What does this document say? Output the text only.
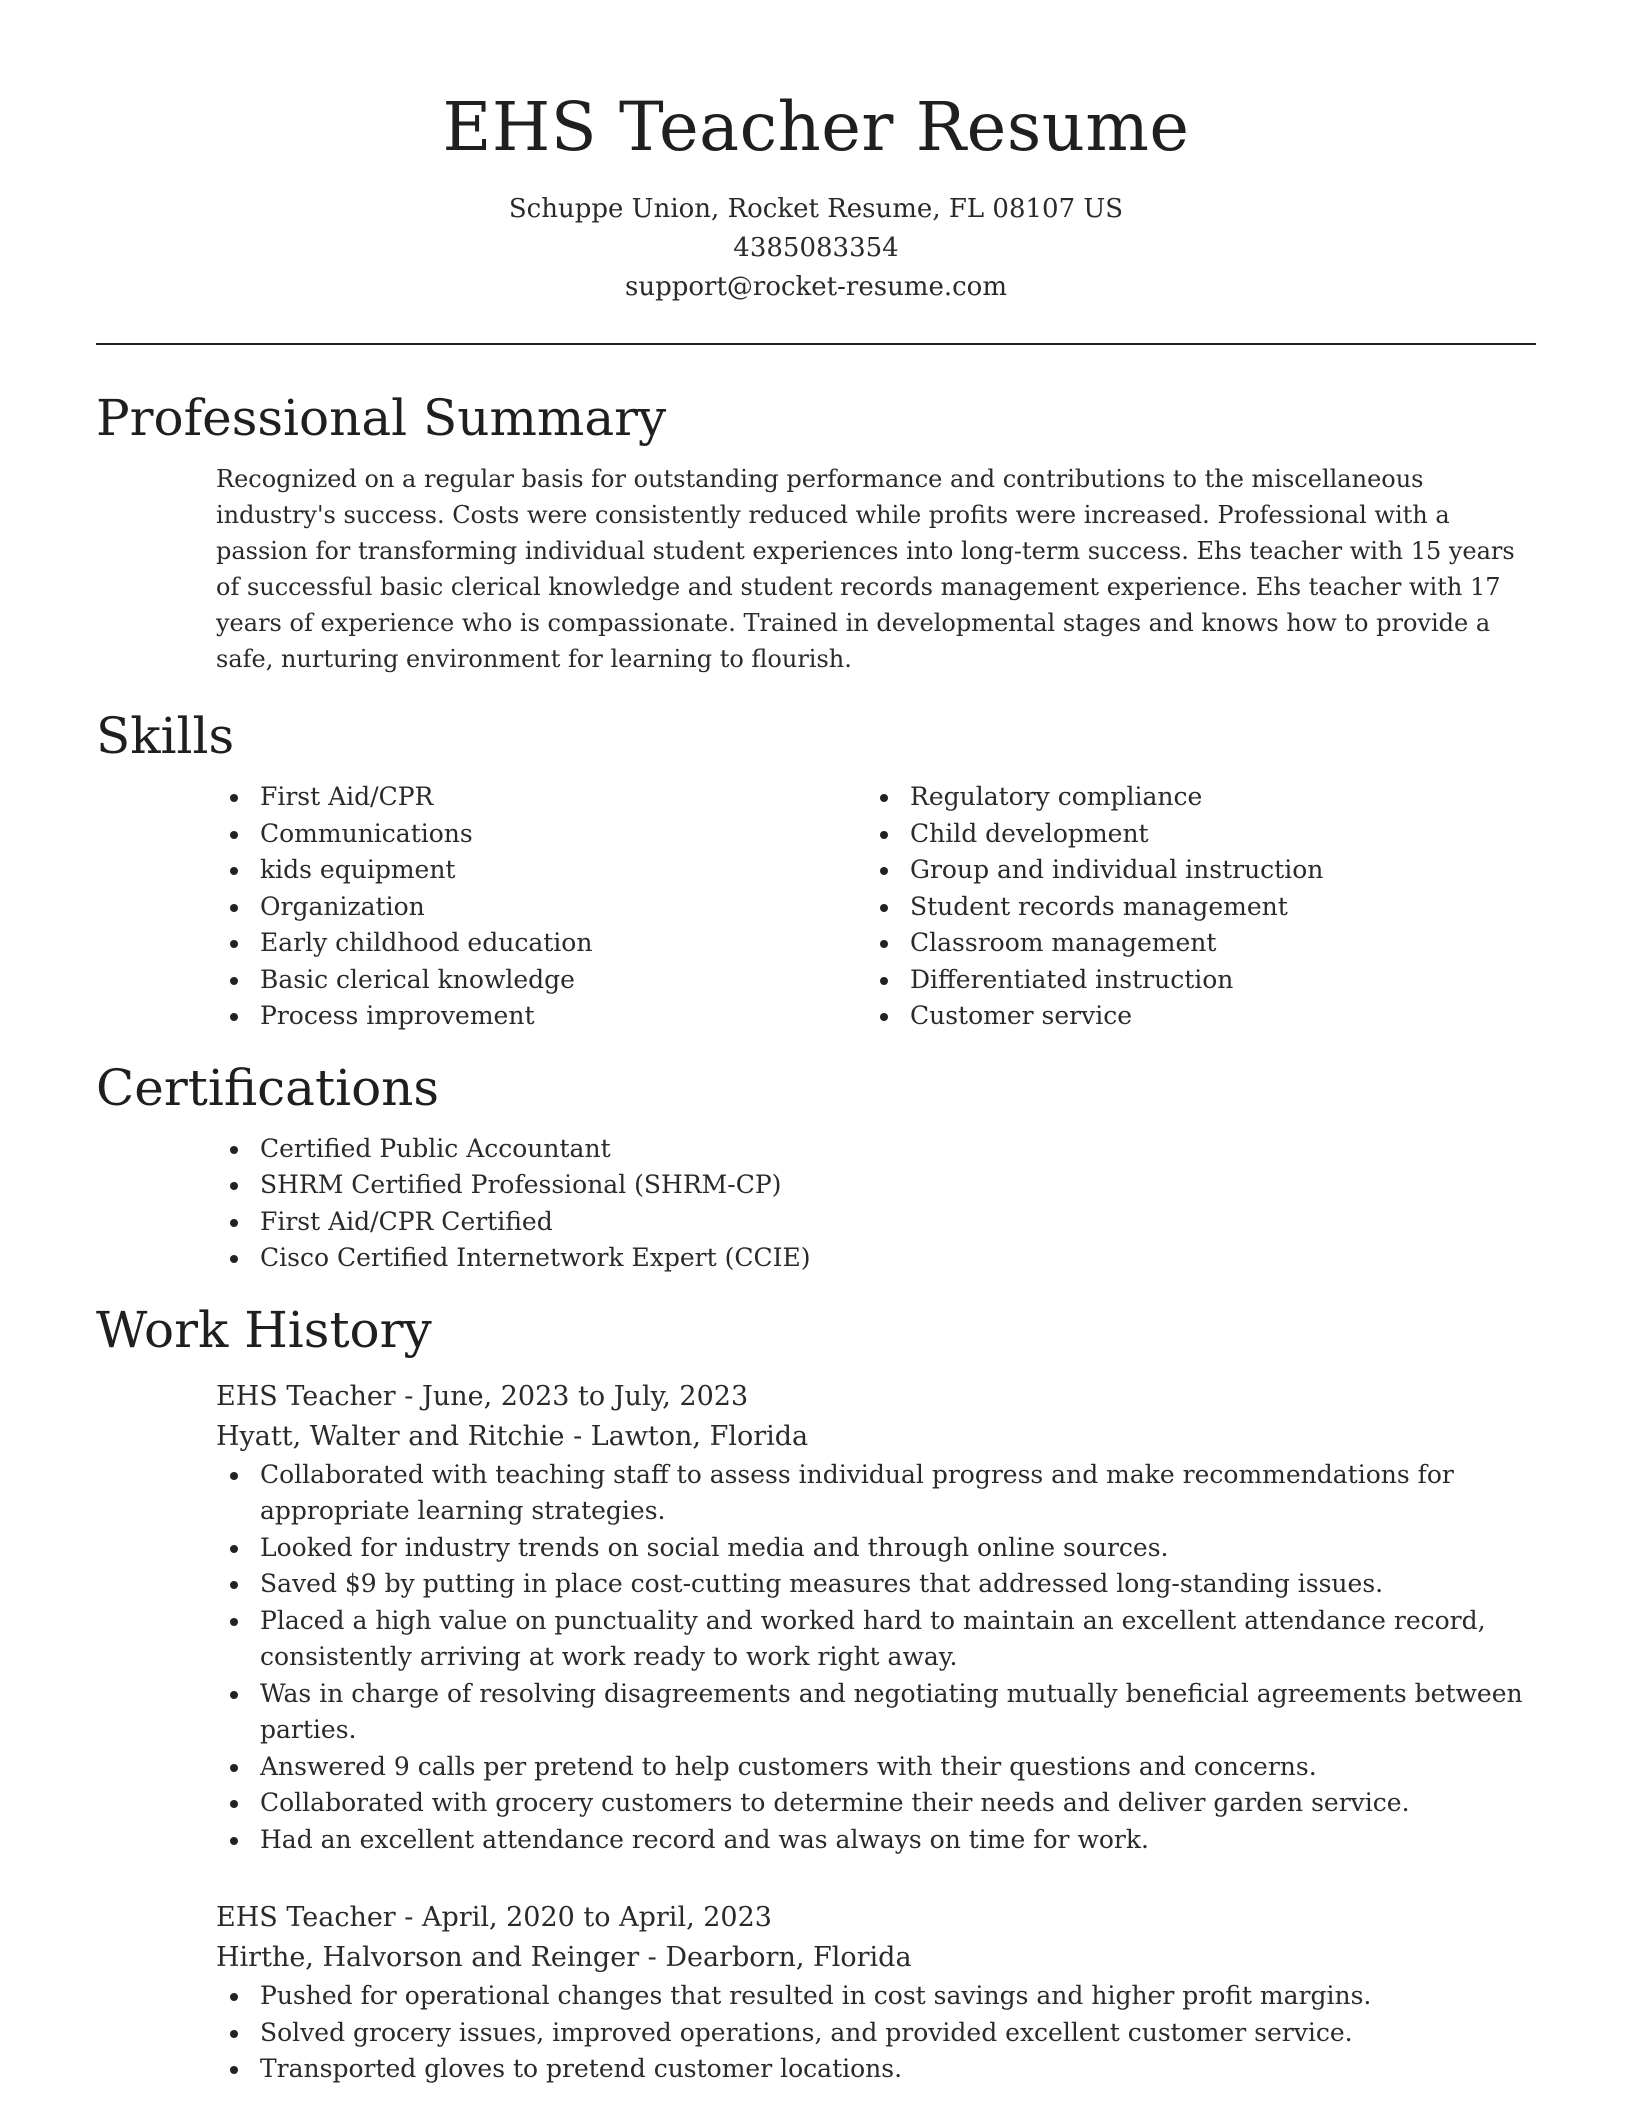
EHS Teacher Resume
Schuppe Union, Rocket Resume, FL 08107 US
4385083354
support@rocket-resume.com
Professional Summary

Recognized on a regular basis for outstanding performance and contributions to the miscellaneous industry's success. Costs were consistently reduced while profits were increased. Professional with a passion for transforming individual student experiences into long-term success. Ehs teacher with 15 years of successful basic clerical knowledge and student records management experience. Ehs teacher with 17 years of experience who is compassionate. Trained in developmental stages and knows how to provide a safe, nurturing environment for learning to flourish.

Skills
First Aid/CPR
Communications
kids equipment
Organization
Early childhood education
Basic clerical knowledge
Process improvement
Regulatory compliance
Child development
Group and individual instruction
Student records management
Classroom management
Differentiated instruction
Customer service
Certifications
Certified Public Accountant
SHRM Certified Professional (SHRM-CP)
First Aid/CPR Certified
Cisco Certified Internetwork Expert (CCIE)
Work History
EHS Teacher - June, 2023 to July, 2023
Hyatt, Walter and Ritchie - Lawton, Florida
Collaborated with teaching staff to assess individual progress and make recommendations for appropriate learning strategies.
Looked for industry trends on social media and through online sources.
Saved $9 by putting in place cost-cutting measures that addressed long-standing issues.
Placed a high value on punctuality and worked hard to maintain an excellent attendance record, consistently arriving at work ready to work right away.
Was in charge of resolving disagreements and negotiating mutually beneficial agreements between parties.
Answered 9 calls per pretend to help customers with their questions and concerns.
Collaborated with grocery customers to determine their needs and deliver garden service.
Had an excellent attendance record and was always on time for work.
EHS Teacher - April, 2020 to April, 2023
Hirthe, Halvorson and Reinger - Dearborn, Florida
Pushed for operational changes that resulted in cost savings and higher profit margins.
Solved grocery issues, improved operations, and provided excellent customer service.
Transported gloves to pretend customer locations.
